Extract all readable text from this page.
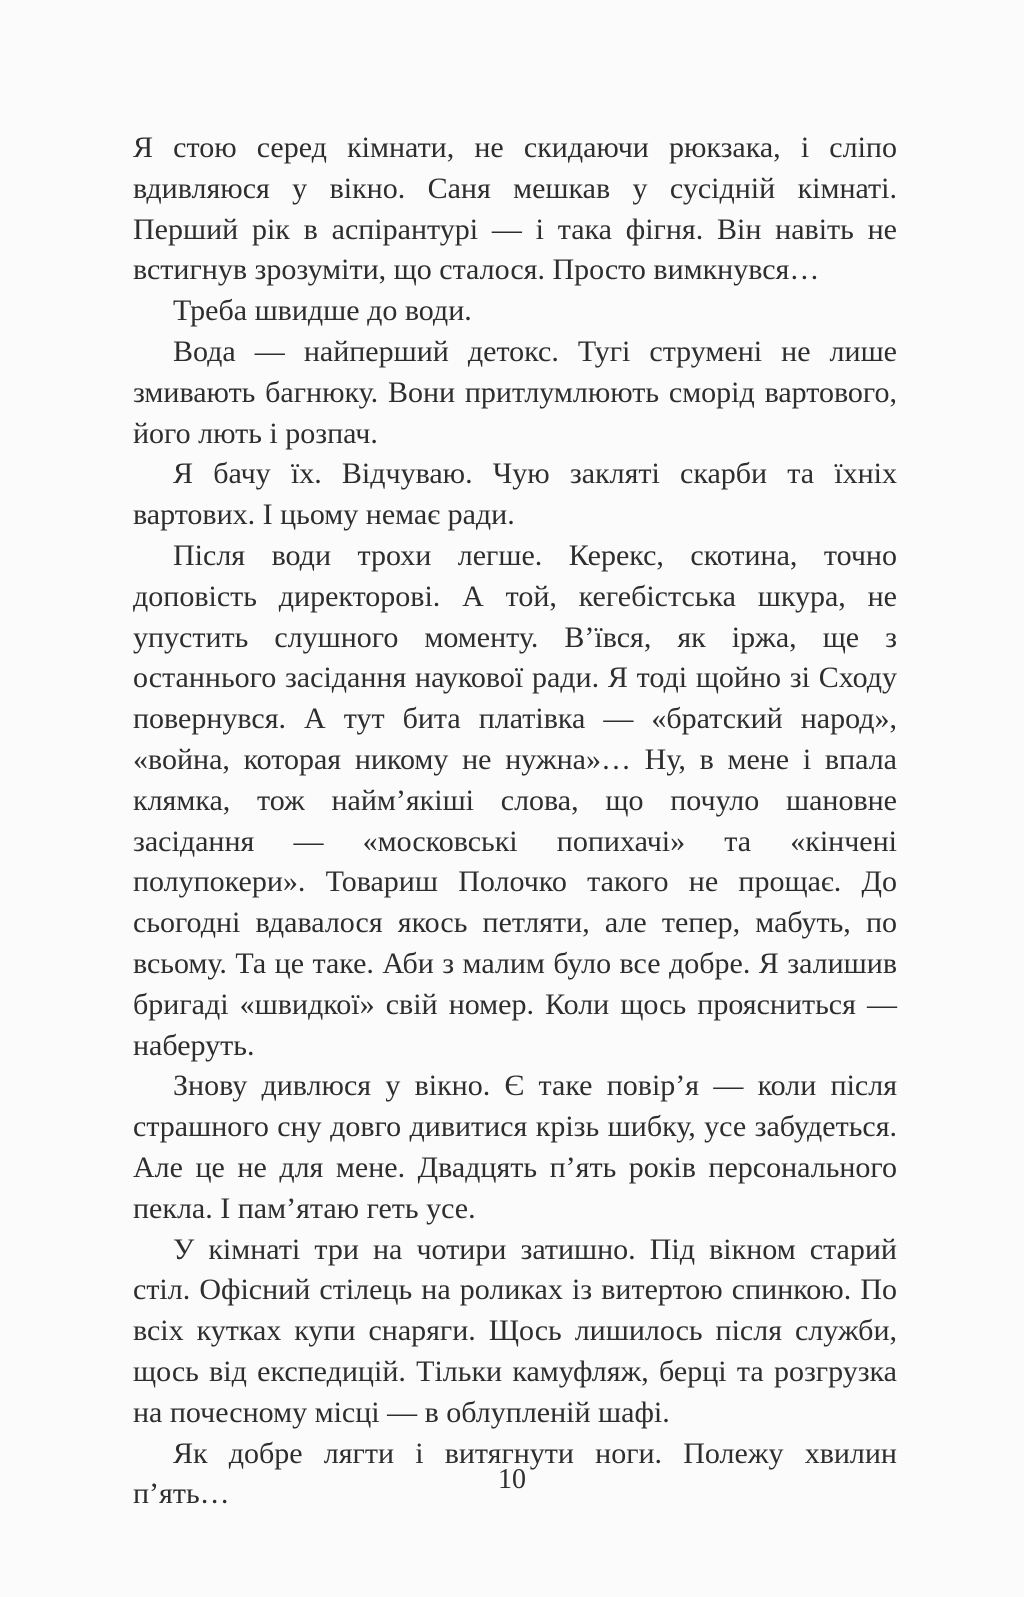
Я стою серед кімнати, не скидаючи рюкзака, і сліпо вдивляюся у вікно. Саня мешкав у сусідній кімнаті. Перший рік в аспірантурі — і така фігня. Він навіть не встигнув зрозуміти, що сталося. Просто вимкнувся…

Треба швидше до води.

Вода — найперший детокс. Тугі струмені не лише змивають багнюку. Вони притлумлюють сморід вартового, його лють і розпач.

Я бачу їх. Відчуваю. Чую закляті скарби та їхніх вартових. І цьому немає ради.

Після води трохи легше. Керекс, скотина, точно доповість директорові. А той, кегебістська шкура, не упустить слушного моменту. В’ївся, як іржа, ще з останнього засідання наукової ради. Я тоді щойно зі Сходу повернувся. А тут бита платівка — «братский народ», «война, которая никому не нужна»… Ну, в мене і впала клямка, тож найм’якіші слова, що почуло шановне засідання — «московські попихачі» та «кінчені полупокери». Товариш Полочко такого не прощає. До сьогодні вдавалося якось петляти, але тепер, мабуть, по всьому. Та це таке. Аби з малим було все добре. Я залишив бригаді «швидкої» свій номер. Коли щось проясниться — наберуть.

Знову дивлюся у вікно. Є таке повір’я — коли після страшного сну довго дивитися крізь шибку, усе забудеться. Але це не для мене. Двадцять п’ять років персонального пекла. І пам’ятаю геть усе.

У кімнаті три на чотири затишно. Під вікном старий стіл. Офісний стілець на роликах із витертою спинкою. По всіх кутках купи снаряги. Щось лишилось після служби, щось від експедицій. Тільки камуфляж, берці та розгрузка на почесному місці — в облупленій шафі.

Як добре лягти і витягнути ноги. Полежу хвилин п’ять…	10
